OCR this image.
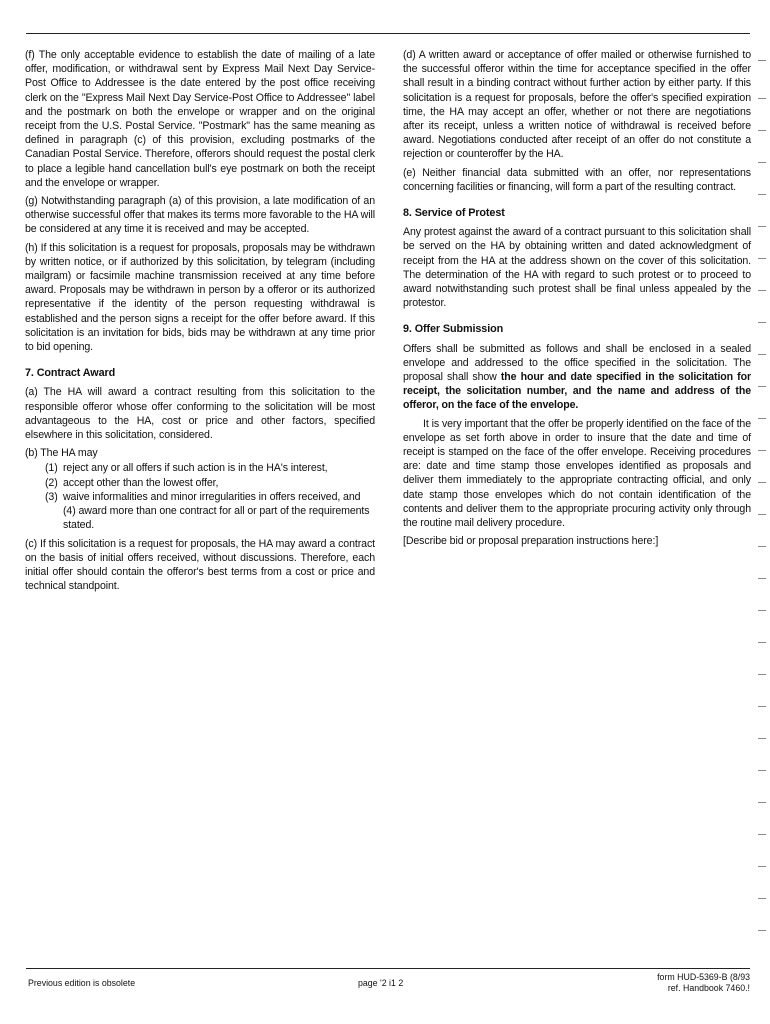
(f) The only acceptable evidence to establish the date of mailing of a late offer, modification, or withdrawal sent by Express Mail Next Day Service-Post Office to Addressee is the date entered by the post office receiving clerk on the "Express Mail Next Day Service-Post Office to Addressee" label and the postmark on both the envelope or wrapper and on the original receipt from the U.S. Postal Service. "Postmark" has the same meaning as defined in paragraph (c) of this provision, excluding postmarks of the Canadian Postal Service. Therefore, offerors should request the postal clerk to place a legible hand cancellation bull's eye postmark on both the receipt and the envelope or wrapper.

(g) Notwithstanding paragraph (a) of this provision, a late modification of an otherwise successful offer that makes its terms more favorable to the HA will be considered at any time it is received and may be accepted.

(h) If this solicitation is a request for proposals, proposals may be withdrawn by written notice, or if authorized by this solicitation, by telegram (including mailgram) or facsimile machine transmission received at any time before award. Proposals may be withdrawn in person by a offeror or its authorized representative if the identity of the person requesting withdrawal is established and the person signs a receipt for the offer before award. If this solicitation is an invitation for bids, bids may be withdrawn at any time prior to bid opening.

7. Contract Award

(a) The HA will award a contract resulting from this solicitation to the responsible offeror whose offer conforming to the solicitation will be most advantageous to the HA, cost or price and other factors, specified elsewhere in this solicitation, considered.

(b) The HA may

(1) reject any or all offers if such action is in the HA's interest,
(2) accept other than the lowest offer,
(3) waive informalities and minor irregularities in offers received, and (4) award more than one contract for all or part of the requirements stated.

(c) If this solicitation is a request for proposals, the HA may award a contract on the basis of initial offers received, without discussions. Therefore, each initial offer should contain the offeror's best terms from a cost or price and technical standpoint.

(d) A written award or acceptance of offer mailed or otherwise furnished to the successful offeror within the time for acceptance specified in the offer shall result in a binding contract without further action by either party. If this solicitation is a request for proposals, before the offer's specified expiration time, the HA may accept an offer, whether or not there are negotiations after its receipt, unless a written notice of withdrawal is received before award. Negotiations conducted after receipt of an offer do not constitute a rejection or counteroffer by the HA.

(e) Neither financial data submitted with an offer, nor representations concerning facilities or financing, will form a part of the resulting contract.

8. Service of Protest

Any protest against the award of a contract pursuant to this solicitation shall be served on the HA by obtaining written and dated acknowledgment of receipt from the HA at the address shown on the cover of this solicitation. The determination of the HA with regard to such protest or to proceed to award notwithstanding such protest shall be final unless appealed by the protestor.

9. Offer Submission

Offers shall be submitted as follows and shall be enclosed in a sealed envelope and addressed to the office specified in the solicitation. The proposal shall show the hour and date specified in the solicitation for receipt, the solicitation number, and the name and address of the offeror, on the face of the envelope.

It is very important that the offer be properly identified on the face of the envelope as set forth above in order to insure that the date and time of receipt is stamped on the face of the offer envelope. Receiving procedures are: date and time stamp those envelopes identified as proposals and deliver them immediately to the appropriate contracting official, and only date stamp those envelopes which do not contain identification of the contents and deliver them to the appropriate procuring activity only through the routine mail delivery procedure.

[Describe bid or proposal preparation instructions here:]

Previous edition is obsolete	page '2 i1 2
form HUD-5369-B (8/93
ref. Handbook 7460.!
